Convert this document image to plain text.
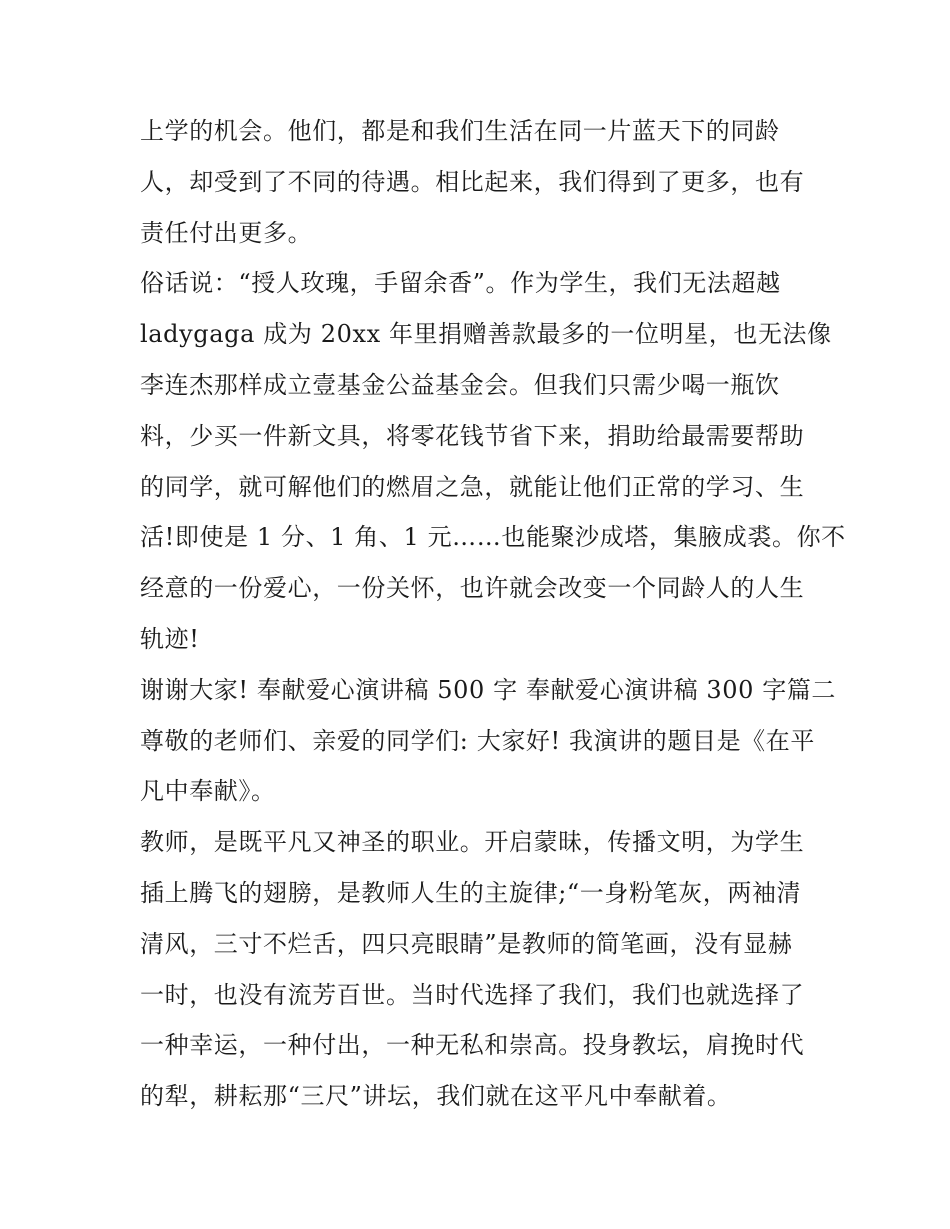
上学的机会。他们，都是和我们生活在同一片蓝天下的同龄
人，却受到了不同的待遇。相比起来，我们得到了更多，也有
责任付出更多。
俗话说：“授人玫瑰，手留余香”。作为学生，我们无法超越
ladygaga 成为 20xx 年里捐赠善款最多的一位明星，也无法像
李连杰那样成立壹基金公益基金会。但我们只需少喝一瓶饮
料，少买一件新文具，将零花钱节省下来，捐助给最需要帮助
的同学，就可解他们的燃眉之急，就能让他们正常的学习、生
活!即使是 1 分、1 角、1 元……也能聚沙成塔，集腋成裘。你不
经意的一份爱心，一份关怀，也许就会改变一个同龄人的人生
轨迹!
谢谢大家! 奉献爱心演讲稿 500 字 奉献爱心演讲稿 300 字篇二
尊敬的老师们、亲爱的同学们: 大家好! 我演讲的题目是《在平
凡中奉献》。
教师，是既平凡又神圣的职业。开启蒙昧，传播文明，为学生
插上腾飞的翅膀，是教师人生的主旋律;“一身粉笔灰，两袖清
清风，三寸不烂舌，四只亮眼睛”是教师的简笔画，没有显赫
一时，也没有流芳百世。当时代选择了我们，我们也就选择了
一种幸运，一种付出，一种无私和崇高。投身教坛，肩挽时代
的犁，耕耘那“三尺”讲坛，我们就在这平凡中奉献着。
